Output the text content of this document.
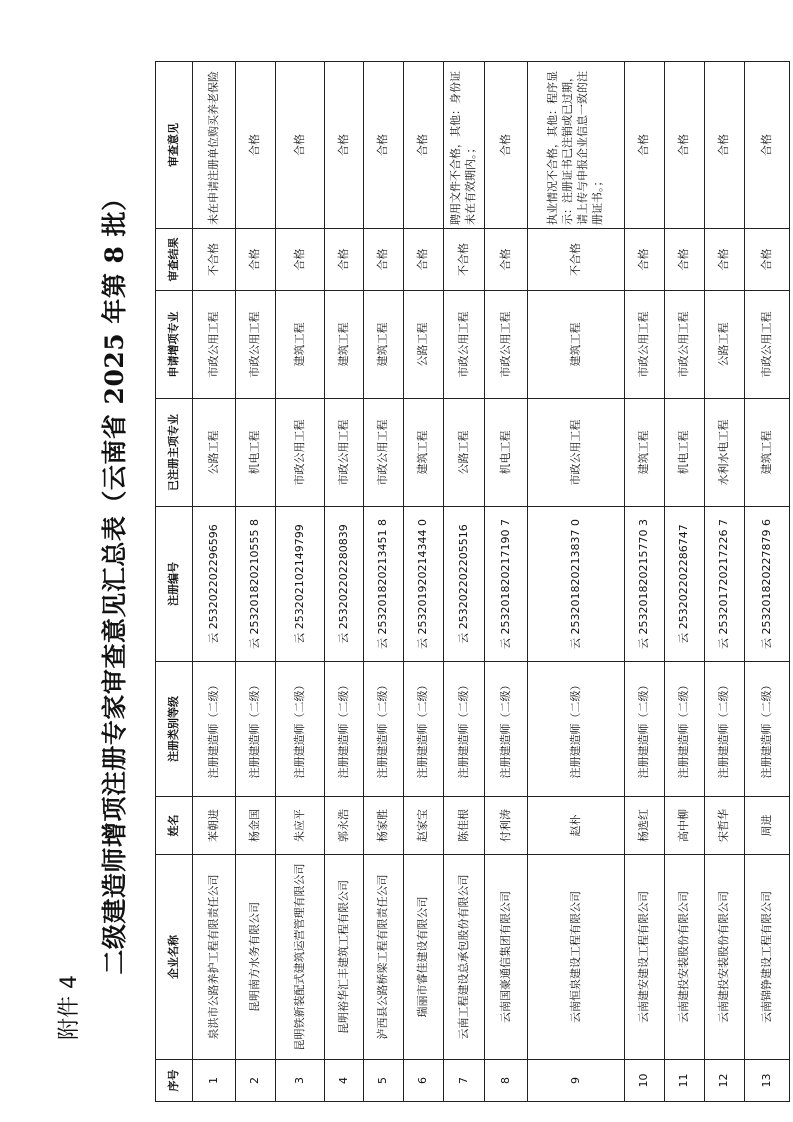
附件 4
二级建造师增项注册专家审查意见汇总表（云南省 2025 年第 8 批）
序号	企业名称	姓名	注册类别等级	注册编号	已注册主项专业	申请增项专业	审查结果	审查意见
1	泉洪市公路养护工程有限责任公司	苯朝进	注册建造师（二级）	云 253202202296596	公路工程	市政公用工程	不合格	未在申请注册单位购买养老保险
2	昆明南方水务有限公司	杨金国	注册建造师（二级）	云 253201820210555 8	机电工程	市政公用工程	合格	合格
3	昆明铁新装配式建筑运营管理有限公司	朱应平	注册建造师（二级）	云 253202102149799	市政公用工程	建筑工程	合格	合格
4	昆明裕华汇丰建筑工程有限公司	郭永浩	注册建造师（二级）	云 253202202280839	市政公用工程	建筑工程	合格	合格
5	泸西县公路桥梁工程有限责任公司	杨家胜	注册建造师（二级）	云 253201820213451 8	市政公用工程	建筑工程	合格	合格
6	瑞丽市睿佳建设有限公司	赵家宝	注册建造师（二级）	云 253201920214344 0	建筑工程	公路工程	合格	合格
7	云南工程建设总承包股份有限公司	陈佳根	注册建造师（二级）	云 253202202205516	公路工程	市政公用工程	不合格	聘用文件不合格，其他：身份证未在有效期内。；
8	云南国豪通信集团有限公司	付利涛	注册建造师（二级）	云 253201820217190 7	机电工程	市政公用工程	合格	合格
9	云南恒泉建设工程有限公司	赵朴	注册建造师（二级）	云 253201820213837 0	市政公用工程	建筑工程	不合格	执业情况不合格，其他：程序显示：注册证书已注销或已过期，请上传与申报企业信息一致的注册证书。；
10	云南建安建设工程有限公司	杨选红	注册建造师（二级）	云 253201820215770 3	建筑工程	市政公用工程	合格	合格
11	云南建投安装股份有限公司	高中柳	注册建造师（二级）	云 253202202286747	机电工程	市政公用工程	合格	合格
12	云南建投安装股份有限公司	宋哲华	注册建造师（二级）	云 253201720217226 7	水利水电工程	公路工程	合格	合格
13	云南锦铮建设工程有限公司	周进	注册建造师（二级）	云 253201820227879 6	建筑工程	市政公用工程	合格	合格
